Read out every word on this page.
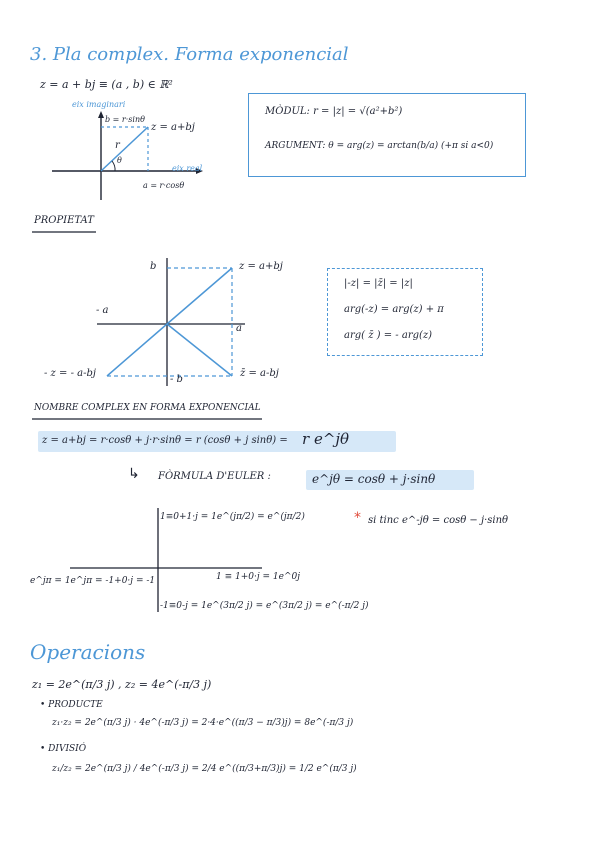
3. Pla complex. Forma exponencial
z = a + bj ≡ (a , b) ∈ ℝ²
eix imaginari
b = r·sinθ
z = a+bj
r
θ
eix real
a = r·cosθ
MÒDUL: r = |z| = √(a²+b²)
ARGUMENT: θ = arg(z) = arctan(b/a) (+π si a<0)
PROPIETAT
b	z = a+bj
- a
a
- z = - a-bj
- b
z̄ = a-bj
|-z| = |z̄| = |z|
arg(-z) = arg(z) + π
arg( z̄ ) = - arg(z)
NOMBRE COMPLEX EN FORMA EXPONENCIAL
z = a+bj = r·cosθ + j·r·sinθ = r (cosθ + j sinθ) = r e^jθ
↳ FÒRMULA D'EULER :	e^jθ = cosθ + j·sinθ
1≡0+1·j = 1e^(jπ/2) = e^(jπ/2)
e^jπ = 1e^jπ = -1+0·j = -1	1 ≡ 1+0·j = 1e^0j
-1≡0-j = 1e^(3π/2 j) = e^(3π/2 j) = e^(-π/2 j)
* si tinc e^-jθ = cosθ − j·sinθ
Operacions
z₁ = 2e^(π/3 j) , z₂ = 4e^(-π/3 j)
• PRODUCTE
z₁·z₂ = 2e^(π/3 j) · 4e^(-π/3 j) = 2·4·e^((π/3 − π/3)j) = 8e^(-π/3 j)
• DIVISIÓ
z₁/z₂ = 2e^(π/3 j) / 4e^(-π/3 j) = 2/4 e^((π/3+π/3)j) = 1/2 e^(π/3 j)
